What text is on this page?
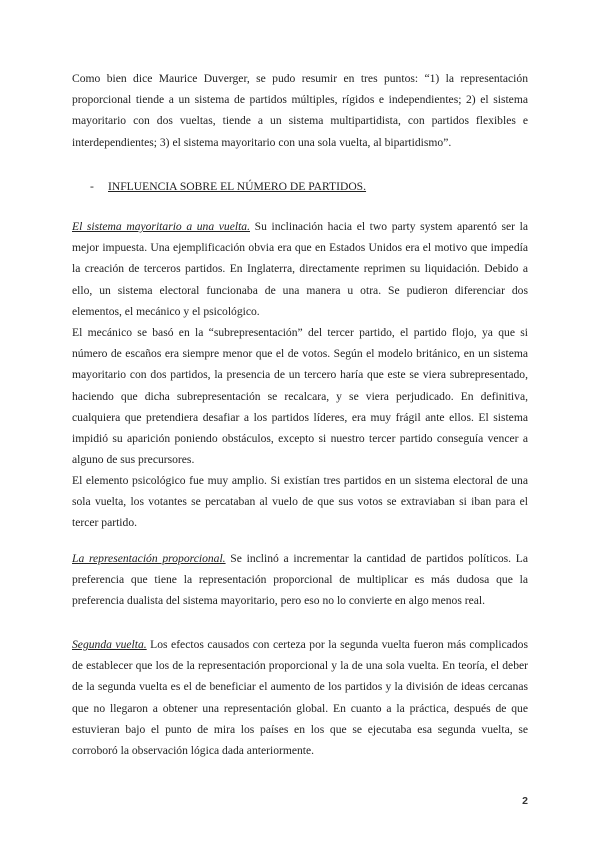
Como bien dice Maurice Duverger, se pudo resumir en tres puntos: “1) la representación proporcional tiende a un sistema de partidos múltiples, rígidos e independientes; 2) el sistema mayoritario con dos vueltas, tiende a un sistema multipartidista, con partidos flexibles e interdependientes; 3) el sistema mayoritario con una sola vuelta, al bipartidismo”.

- INFLUENCIA SOBRE EL NÚMERO DE PARTIDOS.

El sistema mayoritario a una vuelta. Su inclinación hacia el two party system aparentó ser la mejor impuesta. Una ejemplificación obvia era que en Estados Unidos era el motivo que impedía la creación de terceros partidos. En Inglaterra, directamente reprimen su liquidación. Debido a ello, un sistema electoral funcionaba de una manera u otra. Se pudieron diferenciar dos elementos, el mecánico y el psicológico.

El mecánico se basó en la “subrepresentación” del tercer partido, el partido flojo, ya que si número de escaños era siempre menor que el de votos. Según el modelo británico, en un sistema mayoritario con dos partidos, la presencia de un tercero haría que este se viera subrepresentado, haciendo que dicha subrepresentación se recalcara, y se viera perjudicado. En definitiva, cualquiera que pretendiera desafiar a los partidos líderes, era muy frágil ante ellos. El sistema impidió su aparición poniendo obstáculos, excepto si nuestro tercer partido conseguía vencer a alguno de sus precursores.

El elemento psicológico fue muy amplio. Si existían tres partidos en un sistema electoral de una sola vuelta, los votantes se percataban al vuelo de que sus votos se extraviaban si iban para el tercer partido.

La representación proporcional. Se inclinó a incrementar la cantidad de partidos políticos. La preferencia que tiene la representación proporcional de multiplicar es más dudosa que la preferencia dualista del sistema mayoritario, pero eso no lo convierte en algo menos real.

Segunda vuelta. Los efectos causados con certeza por la segunda vuelta fueron más complicados de establecer que los de la representación proporcional y la de una sola vuelta. En teoría, el deber de la segunda vuelta es el de beneficiar el aumento de los partidos y la división de ideas cercanas que no llegaron a obtener una representación global. En cuanto a la práctica, después de que estuvieran bajo el punto de mira los países en los que se ejecutaba esa segunda vuelta, se corroboró la observación lógica dada anteriormente.

2
